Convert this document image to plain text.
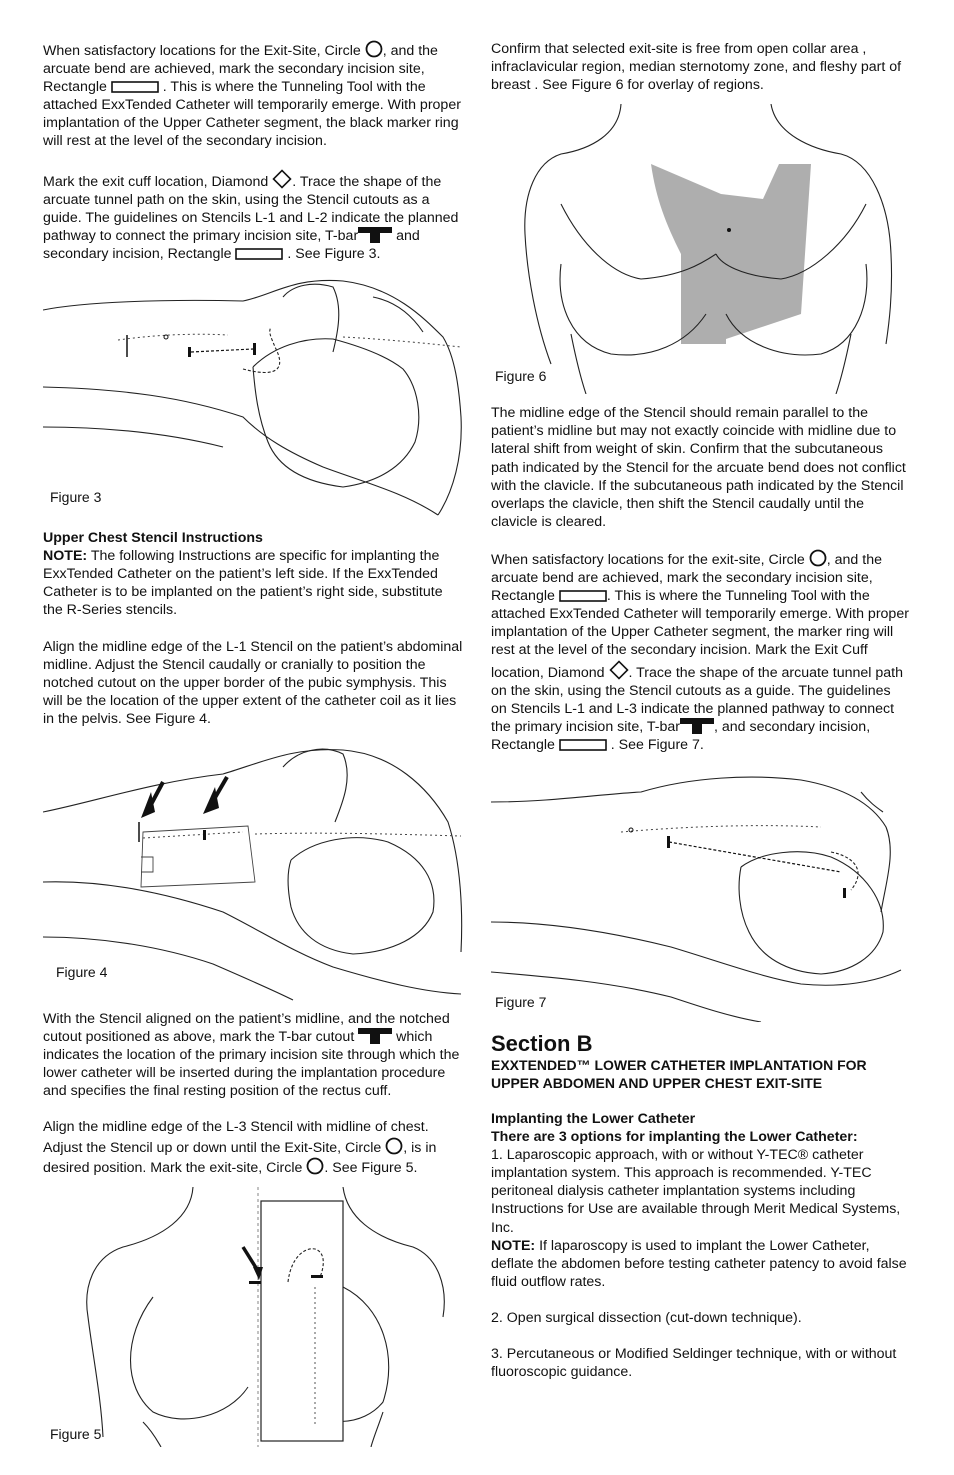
When satisfactory locations for the Exit-Site, Circle , and the arcuate bend are achieved, mark the secondary incision site, Rectangle	. This is where the Tunneling Tool with the attached ExxTended Catheter will temporarily emerge. With proper implantation of the Upper Catheter segment, the black marker ring will rest at the level of the secondary incision.

Mark the exit cuff location, Diamond . Trace the shape of the arcuate tunnel path on the skin, using the Stencil cutouts as a guide. The guidelines on Stencils L-1 and L-2 indicate the planned pathway to connect the primary incision site, T-bar and secondary incision, Rectangle	. See Figure 3.

Figure 3

Upper Chest Stencil Instructions

NOTE: The following Instructions are specific for implanting the ExxTended Catheter on the patient’s left side. If the ExxTended Catheter is to be implanted on the patient’s right side, substitute the R-Series stencils.

Align the midline edge of the L-1 Stencil on the patient’s abdominal midline. Adjust the Stencil caudally or cranially to position the notched cutout on the upper border of the pubic symphysis. This will be the location of the upper extent of the catheter coil as it lies in the pelvis. See Figure 4.

Figure 4

With the Stencil aligned on the patient’s midline, and the notched cutout positioned as above, mark the T-bar cutout  which indicates the location of the primary incision site through which the lower catheter will be inserted during the implantation procedure and specifies the final resting position of the rectus cuff.

Align the midline edge of the L-3 Stencil with midline of chest. Adjust the Stencil up or down until the Exit-Site, Circle , is in desired position. Mark the exit-site, Circle . See Figure 5.

Figure 5

Confirm that selected exit-site is free from open collar area , infraclavicular region, median sternotomy zone, and fleshy part of breast . See Figure 6 for overlay of regions.

Figure 6

The midline edge of the Stencil should remain parallel to the patient’s midline but may not exactly coincide with midline due to lateral shift from weight of skin. Confirm that the subcutaneous path indicated by the Stencil for the arcuate bend does not conflict with the clavicle. If the subcutaneous path indicated by the Stencil overlaps the clavicle, then shift the Stencil caudally until the clavicle is cleared.

When satisfactory locations for the exit-site, Circle , and the arcuate bend are achieved, mark the secondary incision site, Rectangle	. This is where the Tunneling Tool with the attached ExxTended Catheter will temporarily emerge. With proper implantation of the Upper Catheter segment, the marker ring will rest at the level of the secondary incision. Mark the Exit Cuff location, Diamond . Trace the shape of the arcuate tunnel path on the skin, using the Stencil cutouts as a guide. The guidelines on Stencils L-1 and L-3 indicate the planned pathway to connect the primary incision site, T-bar , and secondary incision, Rectangle	. See Figure 7.

Figure 7
Section B

EXXTENDED™ LOWER CATHETER IMPLANTATION FOR UPPER ABDOMEN AND UPPER CHEST EXIT-SITE

Implanting the Lower Catheter

There are 3 options for implanting the Lower Catheter:

1. Laparoscopic approach, with or without Y-TEC® catheter implantation system. This approach is recommended. Y-TEC peritoneal dialysis catheter implantation systems including Instructions for Use are available through Merit Medical Systems, Inc.

NOTE: If laparoscopy is used to implant the Lower Catheter, deflate the abdomen before testing catheter patency to avoid false fluid outflow rates.

2. Open surgical dissection (cut-down technique).

3. Percutaneous or Modified Seldinger technique, with or without fluoroscopic guidance.
